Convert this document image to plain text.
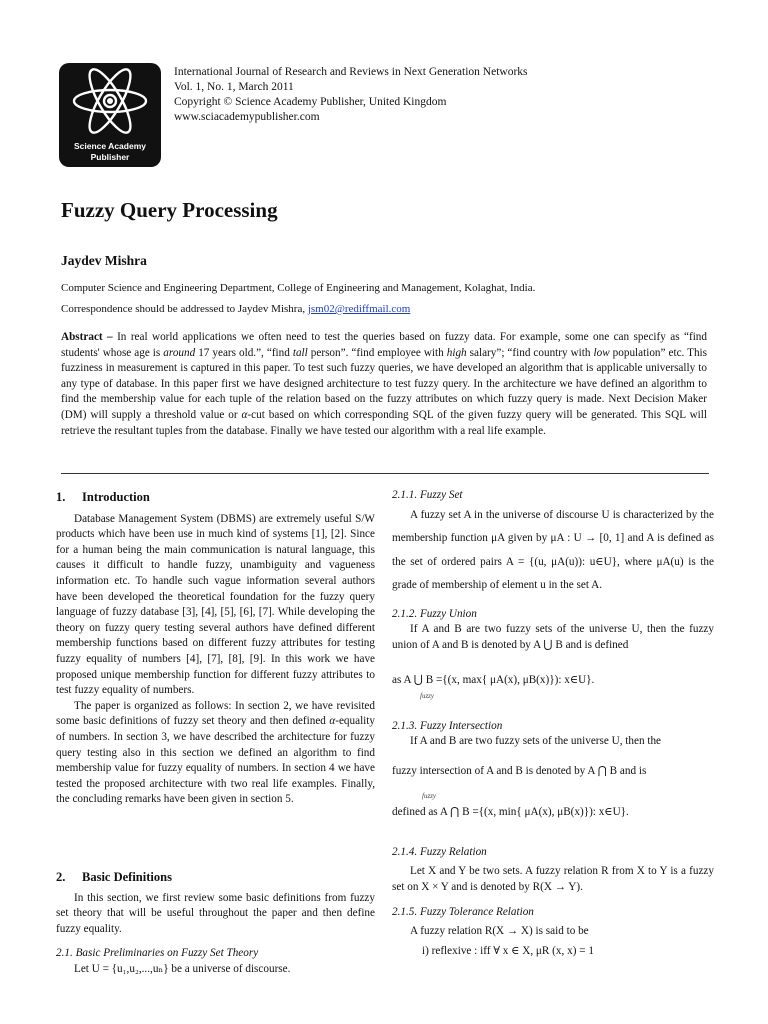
Science Academy
Publisher
International Journal of Research and Reviews in Next Generation Networks
Vol. 1, No. 1, March 2011
Copyright © Science Academy Publisher, United Kingdom
www.sciacademypublisher.com
Fuzzy Query Processing
Jaydev Mishra
Computer Science and Engineering Department, College of Engineering and Management, Kolaghat, India.
Correspondence should be addressed to Jaydev Mishra, jsm02@rediffmail.com
Abstract – In real world applications we often need to test the queries based on fuzzy data. For example, some one can specify as “find students' whose age is around 17 years old.”, “find tall person”. “find employee with high salary”; “find country with low population” etc. This fuzziness in measurement is captured in this paper. To test such fuzzy queries, we have developed an algorithm that is applicable universally to any type of database. In this paper first we have designed architecture to test fuzzy query. In the architecture we have defined an algorithm to find the membership value for each tuple of the relation based on the fuzzy attributes on which fuzzy query is made. Next Decision Maker (DM) will supply a threshold value or α-cut based on which corresponding SQL of the given fuzzy query will be generated. This SQL will retrieve the resultant tuples from the database. Finally we have tested our algorithm with a real life example.
1. Introduction

Database Management System (DBMS) are extremely useful S/W products which have been use in much kind of systems [1], [2]. Since for a human being the main communication is natural language, this causes it difficult to handle fuzzy, unambiguity and vagueness information etc. To handle such vague information several authors have been developed the theoretical foundation for the fuzzy query language of fuzzy database [3], [4], [5], [6], [7]. While developing the theory on fuzzy query testing several authors have defined different membership functions based on different fuzzy attributes for testing fuzzy equality of numbers [4], [7], [8], [9]. In this work we have proposed unique membership function for different fuzzy attributes to test fuzzy equality of numbers.

The paper is organized as follows: In section 2, we have revisited some basic definitions of fuzzy set theory and then defined α-equality of numbers. In section 3, we have described the architecture for fuzzy query testing also in this section we defined an algorithm to find membership value for fuzzy equality of numbers. In section 4 we have tested the proposed architecture with two real life examples. Finally, the concluding remarks have been given in section 5.

2. Basic Definitions

In this section, we first review some basic definitions from fuzzy set theory that will be useful throughout the paper and then define fuzzy equality.

2.1. Basic Preliminaries on Fuzzy Set Theory

Let U = {u₁,u₂,...,uₙ} be a universe of discourse.

2.1.1. Fuzzy Set

A fuzzy set A in the universe of discourse U is characterized by the membership function μA given by μA : U → [0, 1] and A is defined as the set of ordered pairs A = {(u, μA(u)): u∈U}, where μA(u) is the grade of membership of element u in the set A.

2.1.2. Fuzzy Union

If A and B are two fuzzy sets of the universe U, then the fuzzy union of A and B is denoted by A ⋃ B and is defined

as A ⋃ B ={(x, max{ μA(x), μB(x)}): x∈U}.

fuzzy

2.1.3. Fuzzy Intersection

If A and B are two fuzzy sets of the universe U, then the

fuzzy intersection of A and B is denoted by A ⋂ B and is

fuzzy

defined as A ⋂ B ={(x, min{ μA(x), μB(x)}): x∈U}.

2.1.4. Fuzzy Relation

Let X and Y be two sets. A fuzzy relation R from X to Y is a fuzzy set on X × Y and is denoted by R(X → Y).

2.1.5. Fuzzy Tolerance Relation

A fuzzy relation R(X → X) is said to be

i) reflexive : iff ∀ x ∈ X, μR (x, x) = 1
